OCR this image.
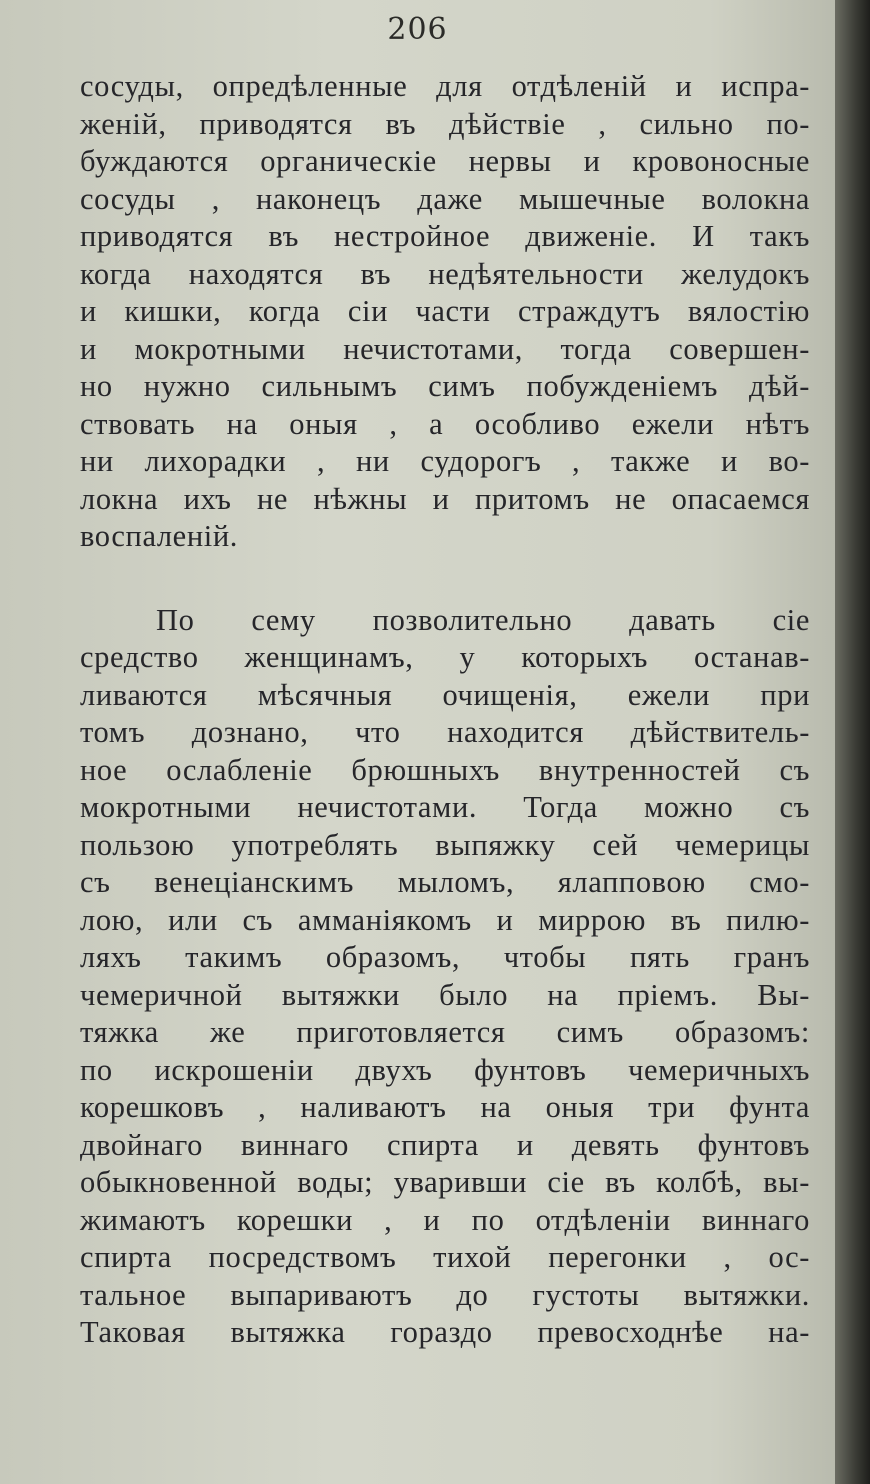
206
сосуды, опредѣленные для отдѣленій и испра-
женій, приводятся въ дѣйствіе , сильно по-
буждаются органическіе нервы и кровоносные
сосуды , наконецъ даже мышечные волокна
приводятся въ нестройное движеніе. И такъ
когда находятся въ недѣятельности желудокъ
и кишки, когда сіи части страждутъ вялостію
и мокротными нечистотами, тогда совершен-
но нужно сильнымъ симъ побужденіемъ дѣй-
ствовать на оныя , а особливо ежели нѣтъ
ни лихорадки , ни судорогъ , также и во-
локна ихъ не нѣжны и притомъ не опасаемся
воспаленій.
По сему позволительно давать сіе
средство женщинамъ, у которыхъ останав-
ливаются мѣсячныя очищенія, ежели при
томъ дознано, что находится дѣйствитель-
ное ослабленіе брюшныхъ внутренностей съ
мокротными нечистотами. Тогда можно съ
пользою употреблять выпяжку сей чемерицы
съ венеціанскимъ мыломъ, ялапповою смо-
лою, или съ амманіякомъ и миррою въ пилю-
ляхъ такимъ образомъ, чтобы пять гранъ
чемеричной вытяжки было на пріемъ. Вы-
тяжка же приготовляется симъ образомъ:
по искрошеніи двухъ фунтовъ чемеричныхъ
корешковъ , наливаютъ на оныя три фунта
двойнаго виннаго спирта и девять фунтовъ
обыкновенной воды; уваривши сіе въ колбѣ, вы-
жимаютъ корешки , и по отдѣленіи виннаго
спирта посредствомъ тихой перегонки , ос-
тальное выпариваютъ до густоты вытяжки.
Таковая вытяжка гораздо превосходнѣе на-
